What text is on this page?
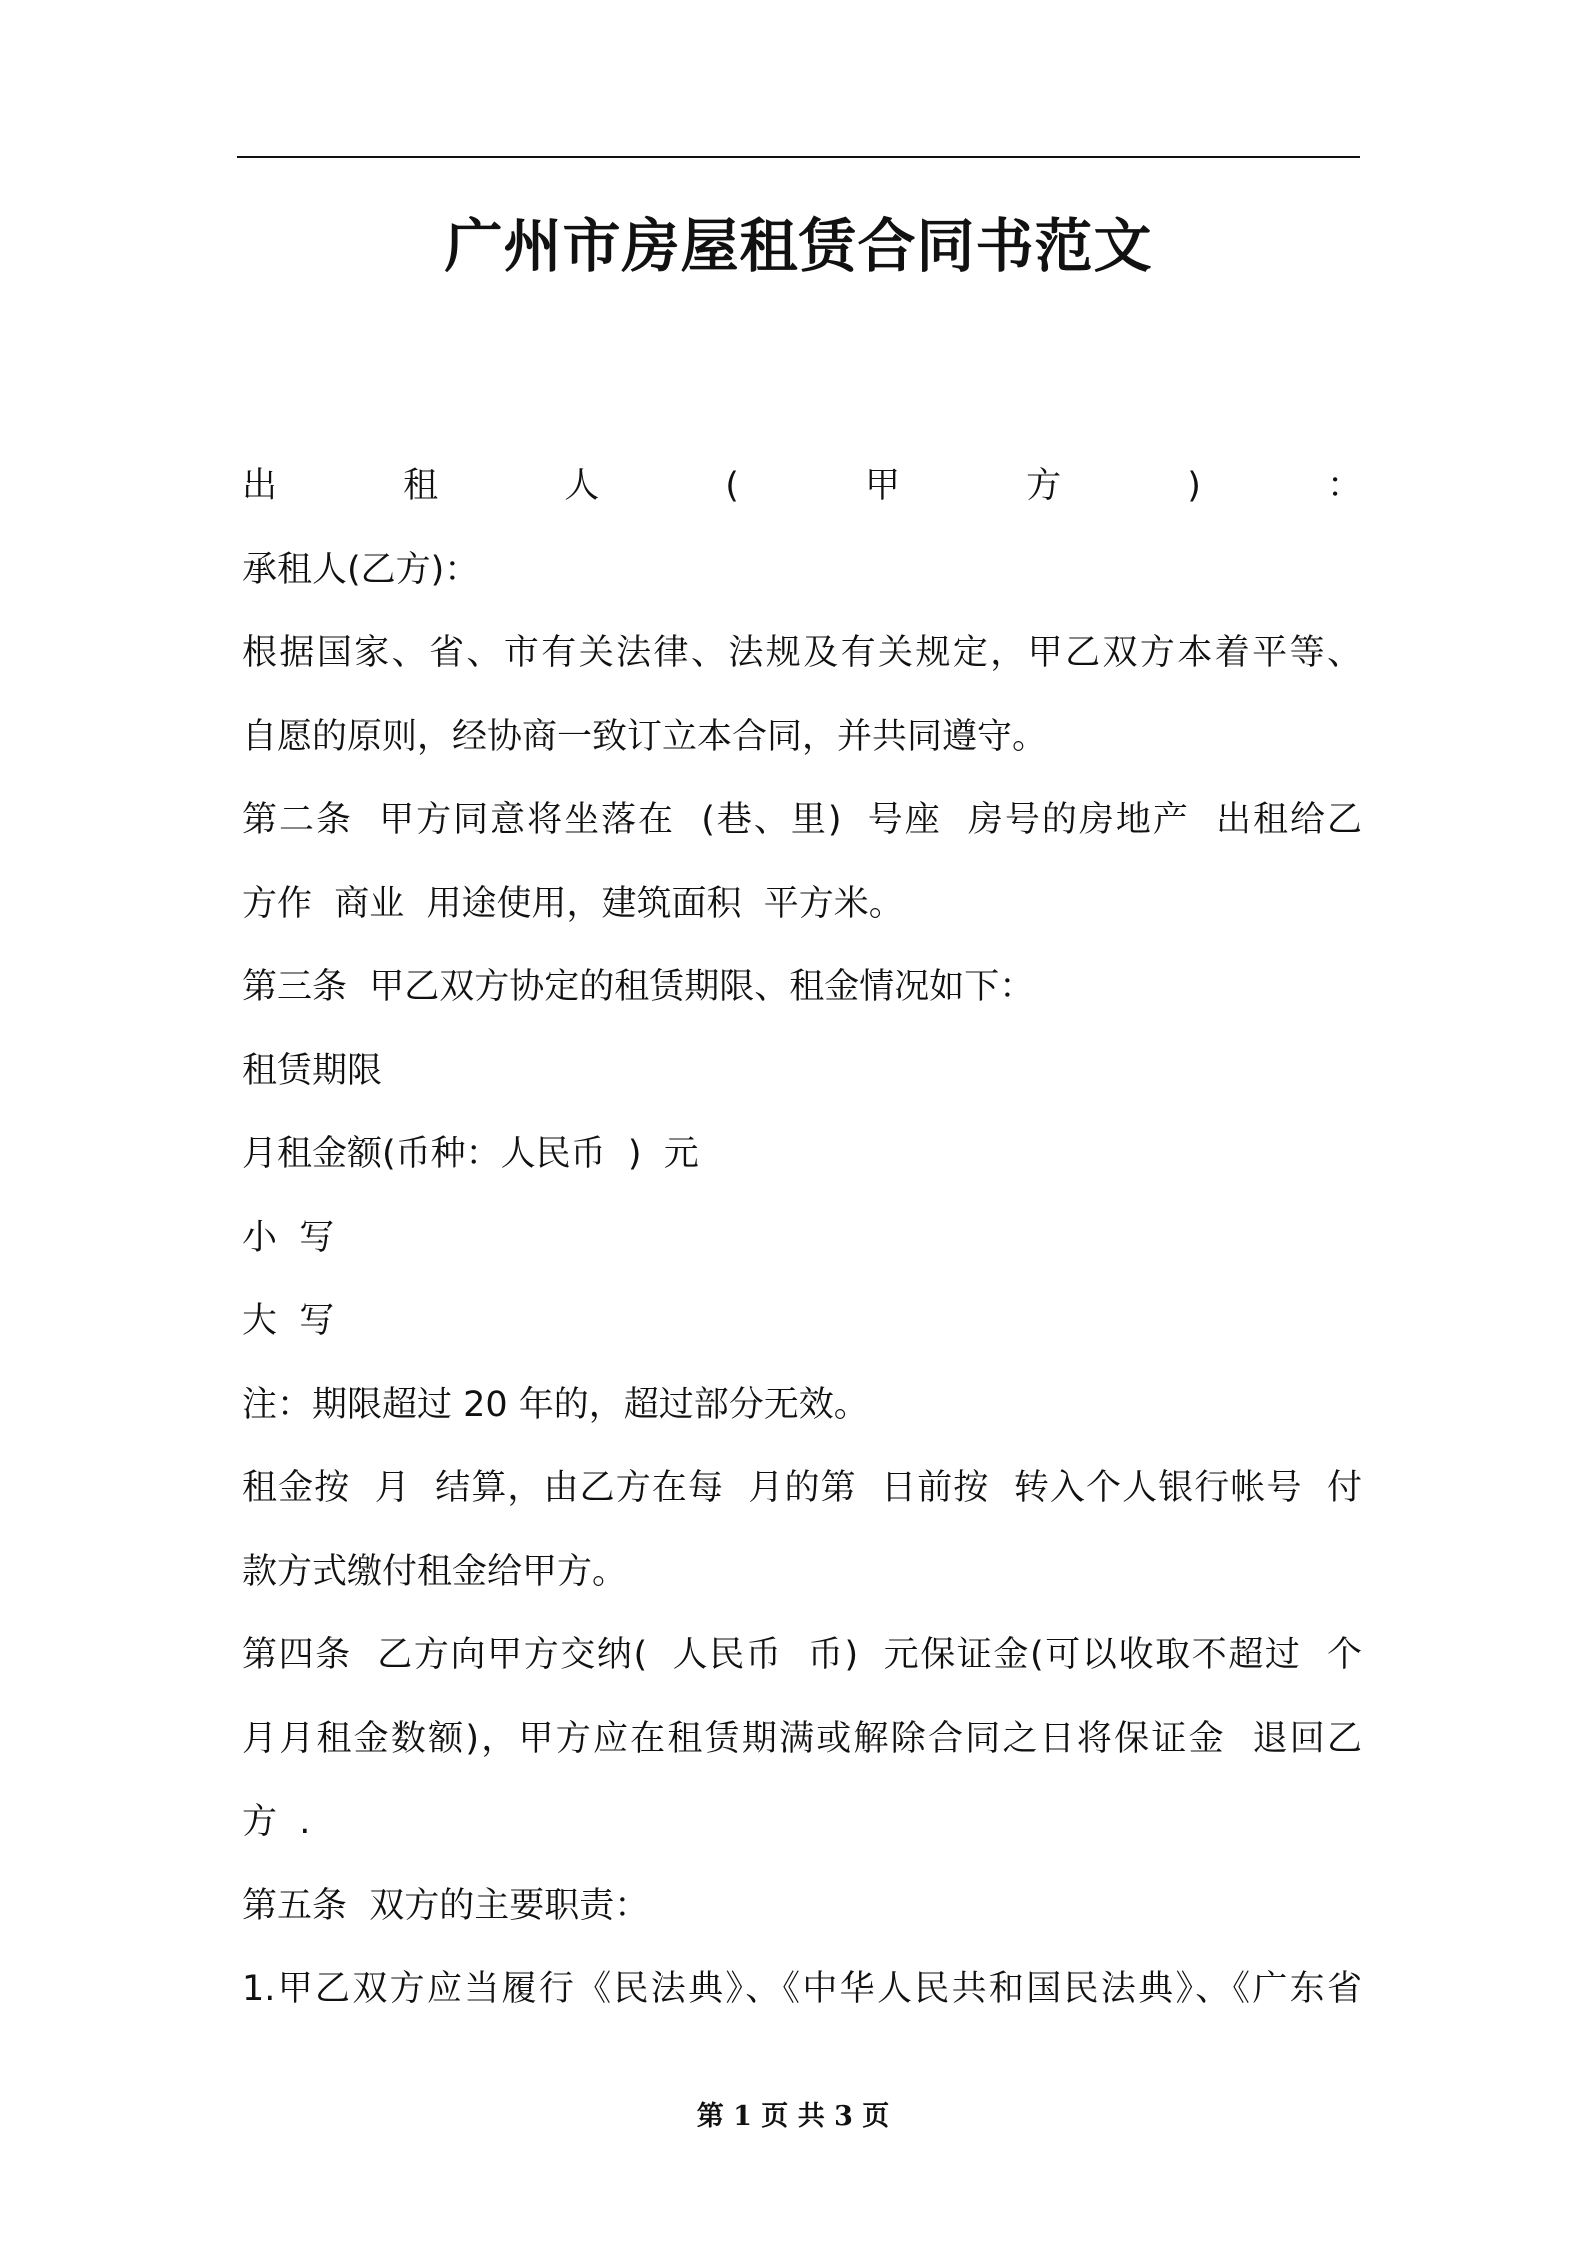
广州市房屋租赁合同书范文
出租人(甲方)：
承租人(乙方)：
根据国家、省、市有关法律、法规及有关规定，甲乙双方本着平等、
自愿的原则，经协商一致订立本合同，并共同遵守。
第二条  甲方同意将坐落在  (巷、里)  号座  房号的房地产  出租给乙
方作  商业  用途使用，建筑面积  平方米。
第三条  甲乙双方协定的租赁期限、租金情况如下：
租赁期限
月租金额(币种：人民币  )  元
小  写
大  写
注：期限超过 20 年的，超过部分无效。
租金按  月  结算，由乙方在每  月的第  日前按  转入个人银行帐号  付
款方式缴付租金给甲方。
第四条  乙方向甲方交纳(  人民币  币)  元保证金(可以收取不超过  个
月月租金数额)，甲方应在租赁期满或解除合同之日将保证金  退回乙
方  .
第五条  双方的主要职责：
1.甲乙双方应当履行《民法典》、《中华人民共和国民法典》、《广东省
第 1 页 共 3 页
